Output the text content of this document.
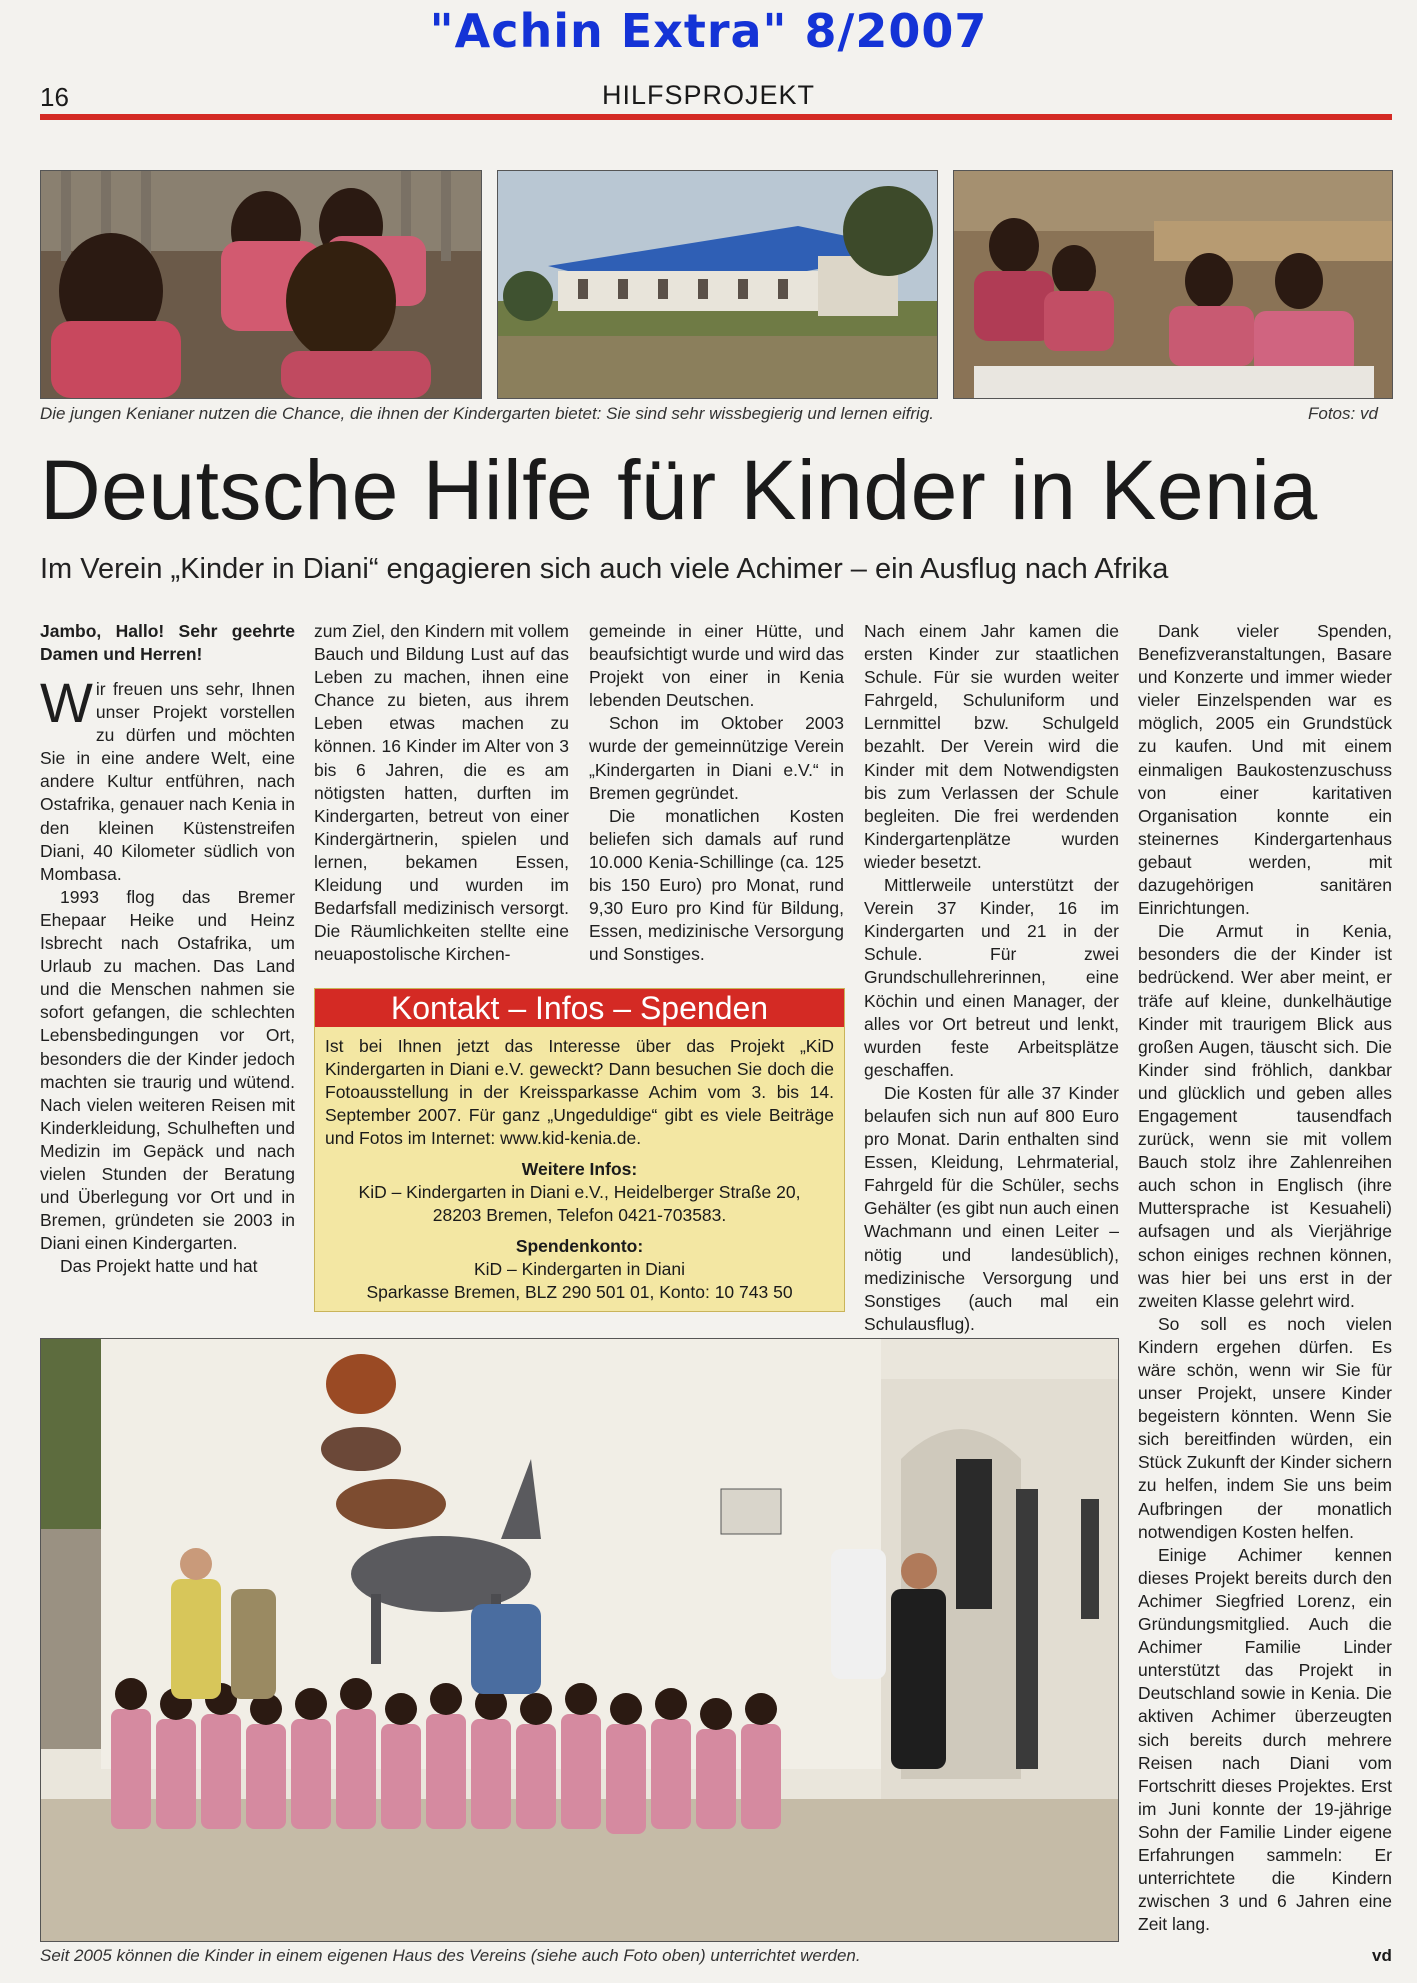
"Achin Extra" 8/2007
16	HILFSPROJEKT
Die jungen Kenianer nutzen die Chance, die ihnen der Kindergarten bietet: Sie sind sehr wissbegierig und lernen eifrig.	Fotos: vd
Deutsche Hilfe für Kinder in Kenia
Im Verein „Kinder in Diani“ engagieren sich auch viele Achimer – ein Ausflug nach Afrika

Jambo, Hallo! Sehr geehrte Damen und Herren!

Wir freuen uns sehr, Ihnen unser Projekt vorstellen zu dürfen und möchten Sie in eine andere Welt, eine andere Kultur entführen, nach Ostafrika, genauer nach Kenia in den kleinen Küstenstreifen Diani, 40 Kilometer südlich von Mombasa.

1993 flog das Bremer Ehepaar Heike und Heinz Isbrecht nach Ostafrika, um Urlaub zu machen. Das Land und die Menschen nahmen sie sofort gefangen, die schlechten Lebensbedingungen vor Ort, besonders die der Kinder jedoch machten sie traurig und wütend. Nach vielen weiteren Reisen mit Kinderkleidung, Schulheften und Medizin im Gepäck und nach vielen Stunden der Beratung und Überlegung vor Ort und in Bremen, gründeten sie 2003 in Diani einen Kindergarten.

Das Projekt hatte und hat

zum Ziel, den Kindern mit vollem Bauch und Bildung Lust auf das Leben zu machen, ihnen eine Chance zu bieten, aus ihrem Leben etwas machen zu können. 16 Kinder im Alter von 3 bis 6 Jahren, die es am nötigsten hatten, durften im Kindergarten, betreut von einer Kindergärtnerin, spielen und lernen, bekamen Essen, Kleidung und wurden im Bedarfsfall medizinisch versorgt. Die Räumlichkeiten stellte eine neuapostolische Kirchen-

gemeinde in einer Hütte, und beaufsichtigt wurde und wird das Projekt von einer in Kenia lebenden Deutschen.

Schon im Oktober 2003 wurde der gemeinnützige Verein „Kindergarten in Diani e.V.“ in Bremen gegründet.

Die monatlichen Kosten beliefen sich damals auf rund 10.000 Kenia-Schillinge (ca. 125 bis 150 Euro) pro Monat, rund 9,30 Euro pro Kind für Bildung, Essen, medizinische Versorgung und Sonstiges.

Nach einem Jahr kamen die ersten Kinder zur staatlichen Schule. Für sie wurden weiter Fahrgeld, Schuluniform und Lernmittel bzw. Schulgeld bezahlt. Der Verein wird die Kinder mit dem Notwendigsten bis zum Verlassen der Schule begleiten. Die frei werdenden Kindergartenplätze wurden wieder besetzt.

Mittlerweile unterstützt der Verein 37 Kinder, 16 im Kindergarten und 21 in der Schule. Für zwei Grundschullehrerinnen, eine Köchin und einen Manager, der alles vor Ort betreut und lenkt, wurden feste Arbeitsplätze geschaffen.

Die Kosten für alle 37 Kinder belaufen sich nun auf 800 Euro pro Monat. Darin enthalten sind Essen, Kleidung, Lehrmaterial, Fahrgeld für die Schüler, sechs Gehälter (es gibt nun auch einen Wachmann und einen Leiter – nötig und landesüblich), medizinische Versorgung und Sonstiges (auch mal ein Schulausflug).

Dank vieler Spenden, Benefizveranstaltungen, Basare und Konzerte und immer wieder vieler Einzelspenden war es möglich, 2005 ein Grundstück zu kaufen. Und mit einem einmaligen Baukostenzuschuss von einer karitativen Organisation konnte ein steinernes Kindergartenhaus gebaut werden, mit dazugehörigen sanitären Einrichtungen.

Die Armut in Kenia, besonders die der Kinder ist bedrückend. Wer aber meint, er träfe auf kleine, dunkelhäutige Kinder mit traurigem Blick aus großen Augen, täuscht sich. Die Kinder sind fröhlich, dankbar und glücklich und geben alles Engagement tausendfach zurück, wenn sie mit vollem Bauch stolz ihre Zahlenreihen auch schon in Englisch (ihre Muttersprache ist Kesuaheli) aufsagen und als Vierjährige schon einiges rechnen können, was hier bei uns erst in der zweiten Klasse gelehrt wird.

So soll es noch vielen Kindern ergehen dürfen. Es wäre schön, wenn wir Sie für unser Projekt, unsere Kinder begeistern könnten. Wenn Sie sich bereitfinden würden, ein Stück Zukunft der Kinder sichern zu helfen, indem Sie uns beim Aufbringen der monatlich notwendigen Kosten helfen.

Einige Achimer kennen dieses Projekt bereits durch den Achimer Siegfried Lorenz, ein Gründungsmitglied. Auch die Achimer Familie Linder unterstützt das Projekt in Deutschland sowie in Kenia. Die aktiven Achimer überzeugten sich bereits durch mehrere Reisen nach Diani vom Fortschritt dieses Projektes. Erst im Juni konnte der 19-jährige Sohn der Familie Linder eigene Erfahrungen sammeln: Er unterrichtete die Kindern zwischen 3 und 6 Jahren eine Zeit lang.

Kontakt – Infos – Spenden
Ist bei Ihnen jetzt das Interesse über das Projekt „KiD Kindergarten in Diani e.V. geweckt? Dann besuchen Sie doch die Fotoausstellung in der Kreissparkasse Achim vom 3. bis 14. September 2007. Für ganz „Ungeduldige“ gibt es viele Beiträge und Fotos im Internet: www.kid-kenia.de.
Weitere Infos:
KiD – Kindergarten in Diani e.V., Heidelberger Straße 20,
28203 Bremen, Telefon 0421-703583.
Spendenkonto:
KiD – Kindergarten in Diani
Sparkasse Bremen, BLZ 290 501 01, Konto: 10 743 50
Seit 2005 können die Kinder in einem eigenen Haus des Vereins (siehe auch Foto oben) unterrichtet werden.	vd
